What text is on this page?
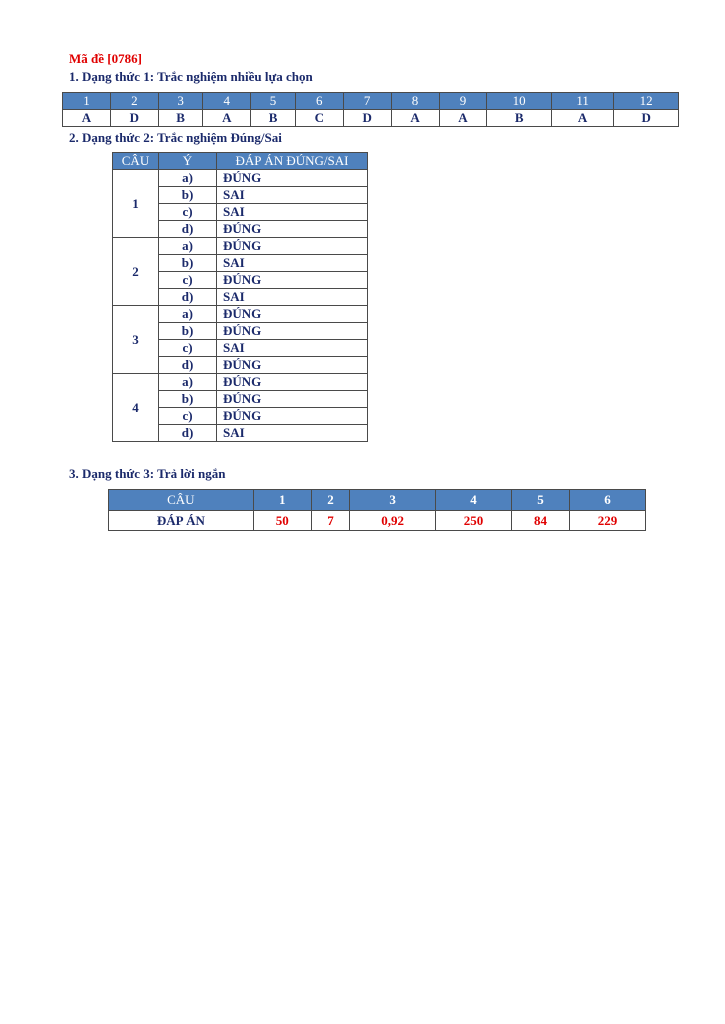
Mã đề [0786]
1. Dạng thức 1: Trắc nghiệm nhiều lựa chọn
1	2	3	4	5	6	7	8	9	10	11	12
A	D	B	A	B	C	D	A	A	B	A	D
2. Dạng thức 2: Trắc nghiệm Đúng/Sai
CÂU	Ý	ĐÁP ÁN ĐÚNG/SAI
1	a)	ĐÚNG
	b)	SAI
	c)	SAI
	d)	ĐÚNG
2	a)	ĐÚNG
	b)	SAI
	c)	ĐÚNG
	d)	SAI
3	a)	ĐÚNG
	b)	ĐÚNG
	c)	SAI
	d)	ĐÚNG
4	a)	ĐÚNG
	b)	ĐÚNG
	c)	ĐÚNG
	d)	SAI
3. Dạng thức 3: Trả lời ngắn
CÂU	1	2	3	4	5	6
ĐÁP ÁN	50	7	0,92	250	84	229
